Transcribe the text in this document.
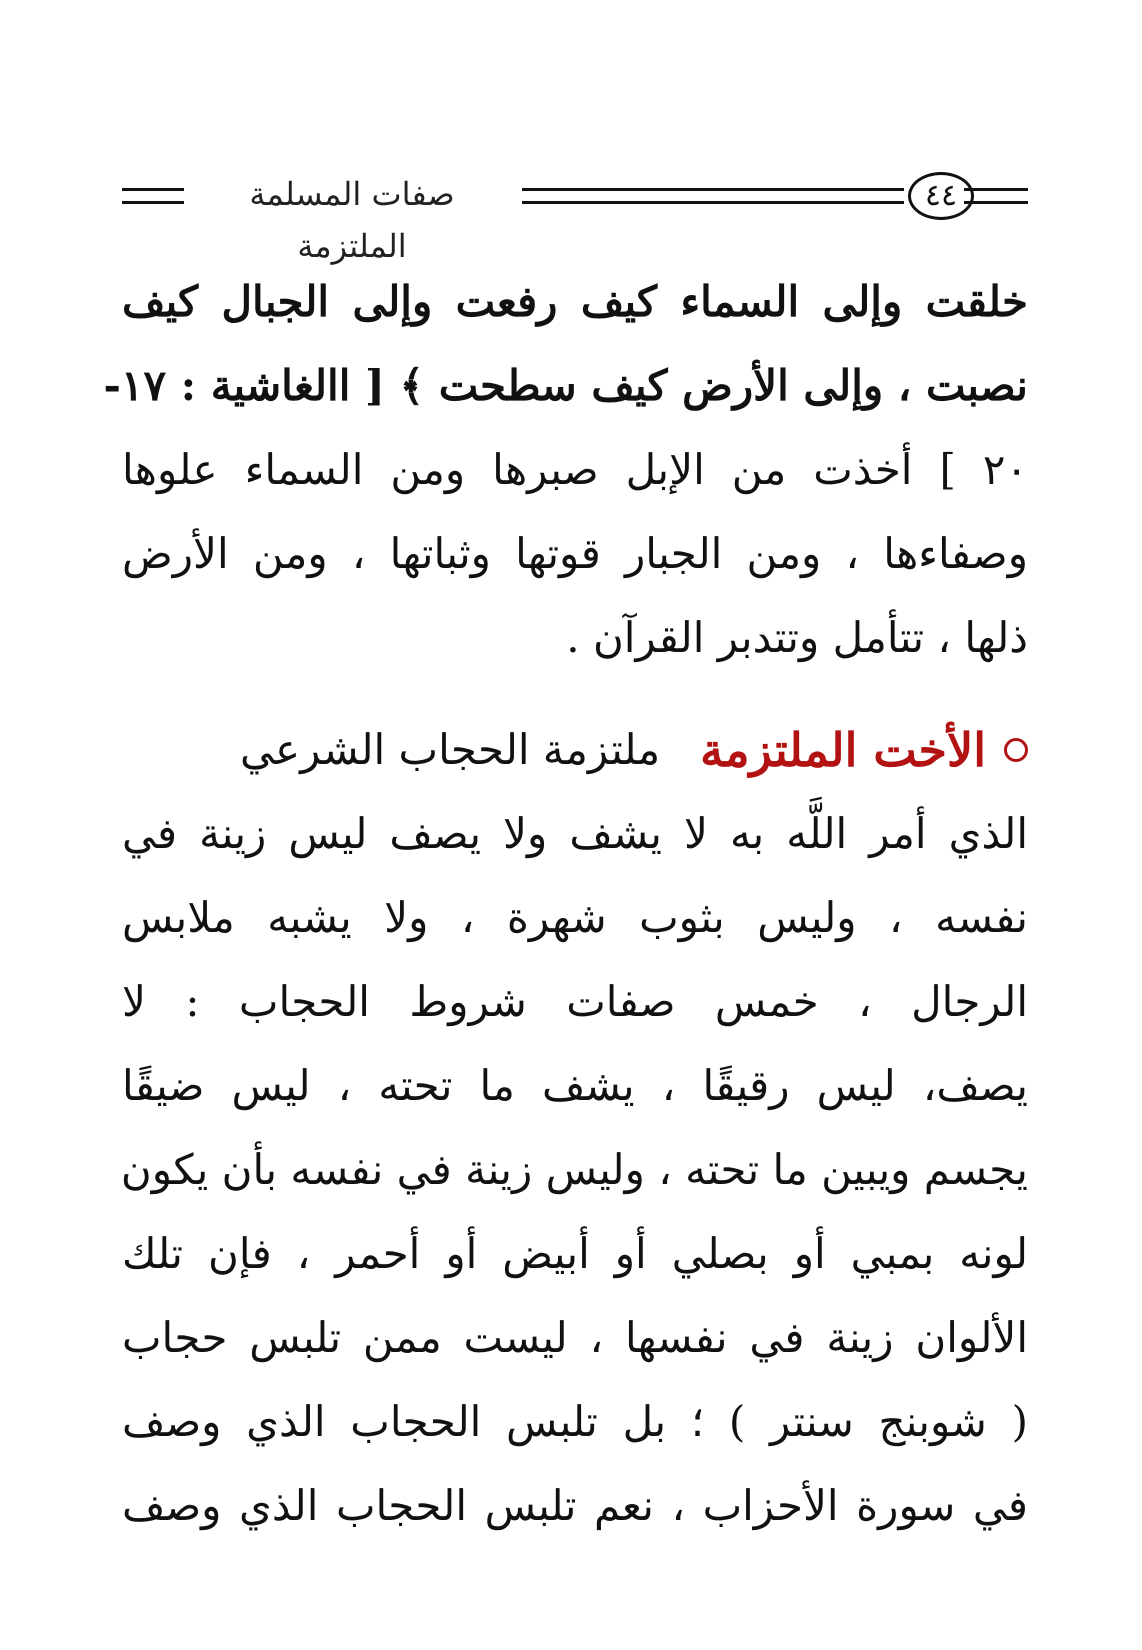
صفات المسلمة الملتزمة
٤٤
خلقت وإلى السماء كيف رفعت وإلى الجبال كيف
نصبت ، وإلى الأرض كيف سطحت ﴾ [ االغاشية : ١٧-
٢٠ ] أخذت من الإبل صبرها ومن السماء علوها
وصفاءها ، ومن الجبار قوتها وثباتها ، ومن الأرض
ذلها ، تتأمل وتتدبر القرآن .
الأخت الملتزمة
ملتزمة الحجاب الشرعي
الذي أمر اللَّه به لا يشف ولا يصف ليس زينة في
نفسه ، وليس بثوب شهرة ، ولا يشبه ملابس
الرجال ، خمس صفات شروط الحجاب : لا
يصف، ليس رقيقًا ، يشف ما تحته ، ليس ضيقًا
يجسم ويبين ما تحته ، وليس زينة في نفسه بأن يكون
لونه بمبي أو بصلي أو أبيض أو أحمر ، فإن تلك
الألوان زينة في نفسها ، ليست ممن تلبس حجاب
( شوبنج سنتر ) ؛ بل تلبس الحجاب الذي وصف
في سورة الأحزاب ، نعم تلبس الحجاب الذي وصف
